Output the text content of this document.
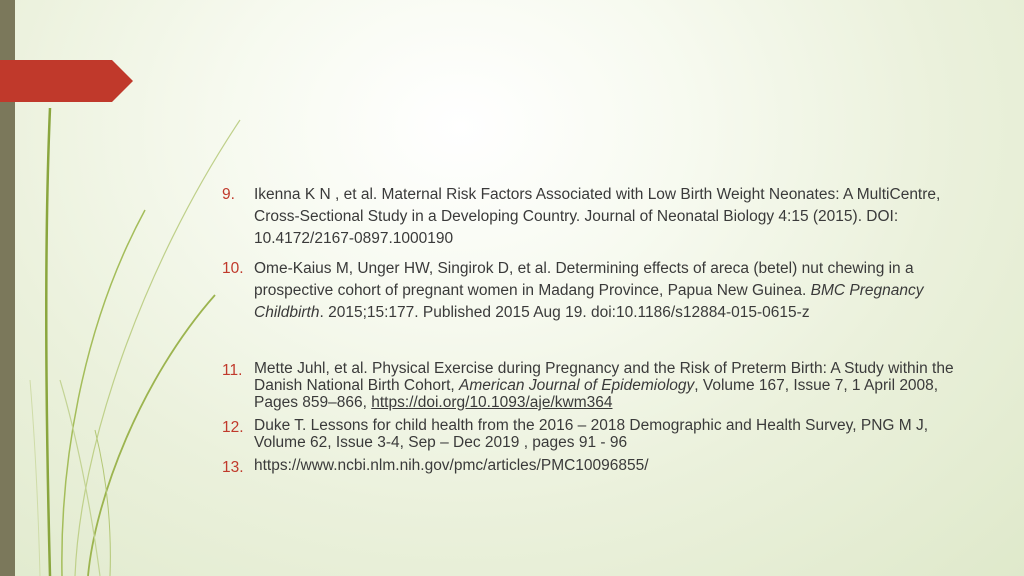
9.	Ikenna K N , et al. Maternal Risk Factors Associated with Low Birth Weight Neonates: A MultiCentre, Cross-Sectional Study in a Developing Country. Journal of Neonatal Biology 4:15 (2015). DOI: 10.4172/2167-0897.1000190
10. Ome-Kaius M, Unger HW, Singirok D, et al. Determining effects of areca (betel) nut chewing in a prospective cohort of pregnant women in Madang Province, Papua New Guinea. BMC Pregnancy Childbirth. 2015;15:177. Published 2015 Aug 19. doi:10.1186/s12884-015-0615-z
11. Mette Juhl, et al. Physical Exercise during Pregnancy and the Risk of Preterm Birth: A Study within the Danish National Birth Cohort, American Journal of Epidemiology, Volume 167, Issue 7, 1 April 2008, Pages 859–866, https://doi.org/10.1093/aje/kwm364
12. Duke T. Lessons for child health from the 2016 – 2018 Demographic and Health Survey, PNG M J, Volume 62, Issue 3-4, Sep – Dec 2019 , pages 91 - 96
13. https://www.ncbi.nlm.nih.gov/pmc/articles/PMC10096855/
